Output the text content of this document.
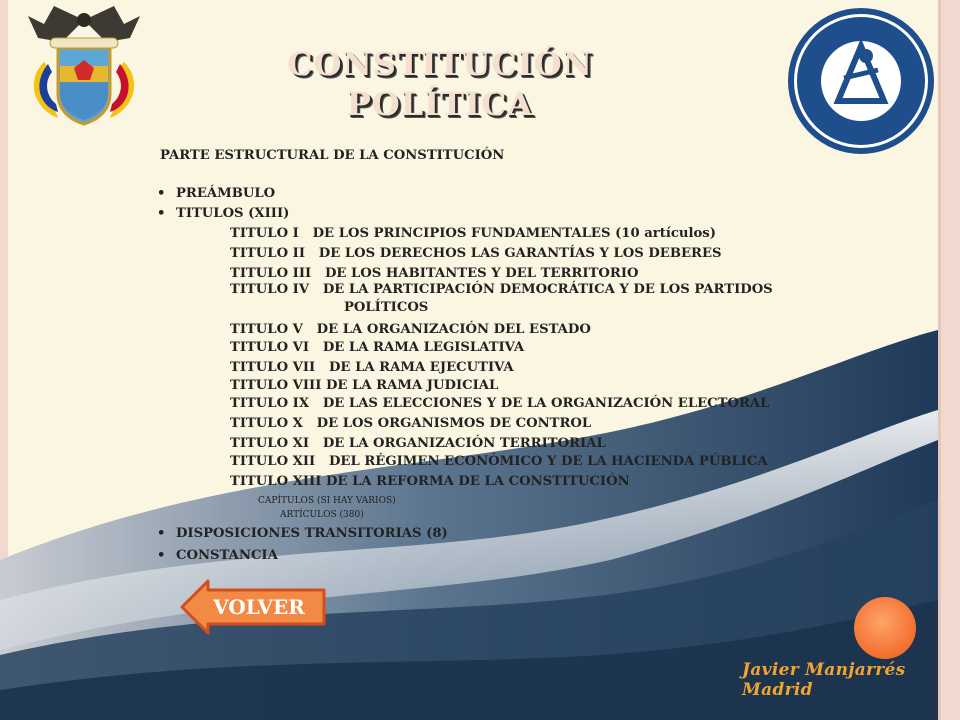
CONSTITUCIÓN
POLÍTICA
PARTE ESTRUCTURAL DE LA CONSTITUCIÓN
• PREÁMBULO
• TITULOS (XIII)
TITULO I DE LOS PRINCIPIOS FUNDAMENTALES (10 artículos)
TITULO II DE LOS DERECHOS LAS GARANTÍAS Y LOS DEBERES
TITULO III DE LOS HABITANTES Y DEL TERRITORIO
TITULO IV DE LA PARTICIPACIÓN DEMOCRÁTICA Y DE LOS PARTIDOS
POLÍTICOS
TITULO V DE LA ORGANIZACIÓN DEL ESTADO
TITULO VI DE LA RAMA LEGISLATIVA
TITULO VII DE LA RAMA EJECUTIVA
TITULO VIII DE LA RAMA JUDICIAL
TITULO IX DE LAS ELECCIONES Y DE LA ORGANIZACIÓN ELECTORAL
TITULO X DE LOS ORGANISMOS DE CONTROL
TITULO XI DE LA ORGANIZACIÓN TERRITORIAL
TITULO XII DEL RÉGIMEN ECONÓMICO Y DE LA HACIENDA PÚBLICA
TITULO XIII DE LA REFORMA DE LA CONSTITUCIÓN
CAPÍTULOS (SI HAY VARIOS)
ARTÍCULOS (380)
• DISPOSICIONES TRANSITORIAS (8)
• CONSTANCIA
VOLVER
Javier Manjarrés Madrid
